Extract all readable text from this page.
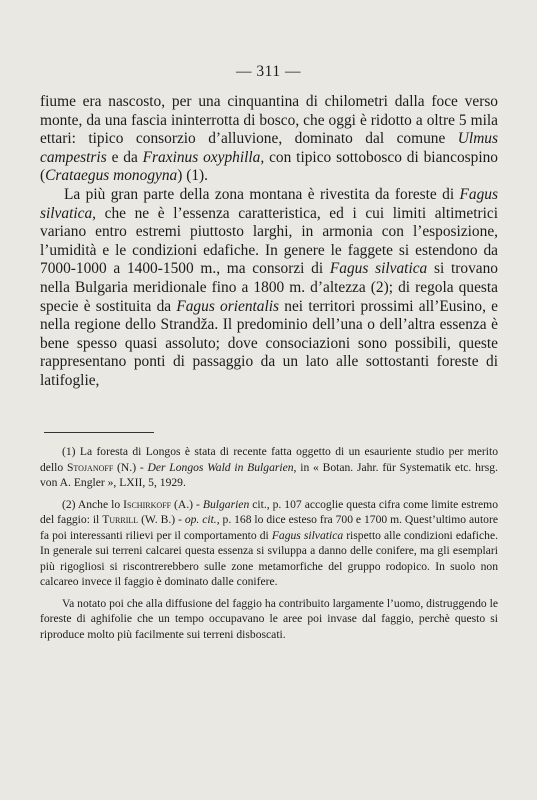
— 311 —

fiume era nascosto, per una cinquantina di chilometri dalla foce verso monte, da una fascia ininterrotta di bosco, che oggi è ridotto a oltre 5 mila ettari: tipico consorzio d’alluvione, dominato dal comune Ulmus campestris e da Fraxinus oxyphilla, con tipico sottobosco di biancospino (Crataegus monogyna) (1).

La più gran parte della zona montana è rivestita da foreste di Fagus silvatica, che ne è l’essenza caratteristica, ed i cui limiti altimetrici variano entro estremi piuttosto larghi, in armonia con l’esposizione, l’umidità e le condizioni edafiche. In genere le faggete si estendono da 7000-1000 a 1400-1500 m., ma consorzi di Fagus silvatica si trovano nella Bulgaria meridionale fino a 1800 m. d’altezza (2); di regola questa specie è sostituita da Fagus orientalis nei territori prossimi all’Eusino, e nella regione dello Strandža. Il predominio dell’una o dell’altra essenza è bene spesso quasi assoluto; dove consociazioni sono possibili, queste rappresentano ponti di passaggio da un lato alle sottostanti foreste di latifoglie,

(1) La foresta di Longos è stata di recente fatta oggetto di un esauriente studio per merito dello Stojanoff (N.) - Der Longos Wald in Bulgarien, in « Botan. Jahr. für Systematik etc. hrsg. von A. Engler », LXII, 5, 1929.

(2) Anche lo Ischirkoff (A.) - Bulgarien cit., p. 107 accoglie questa cifra come limite estremo del faggio: il Turrill (W. B.) - op. cit., p. 168 lo dice esteso fra 700 e 1700 m. Quest’ultimo autore fa poi interessanti rilievi per il comportamento di Fagus silvatica rispetto alle condizioni edafiche. In generale sui terreni calcarei questa essenza si sviluppa a danno delle conifere, ma gli esemplari più rigogliosi si riscontrerebbero sulle zone metamorfiche del gruppo rodopico. In suolo non calcareo invece il faggio è dominato dalle conifere.

Va notato poi che alla diffusione del faggio ha contribuito largamente l’uomo, distruggendo le foreste di aghifolie che un tempo occupavano le aree poi invase dal faggio, perchè questo si riproduce molto più facilmente sui terreni disboscati.
